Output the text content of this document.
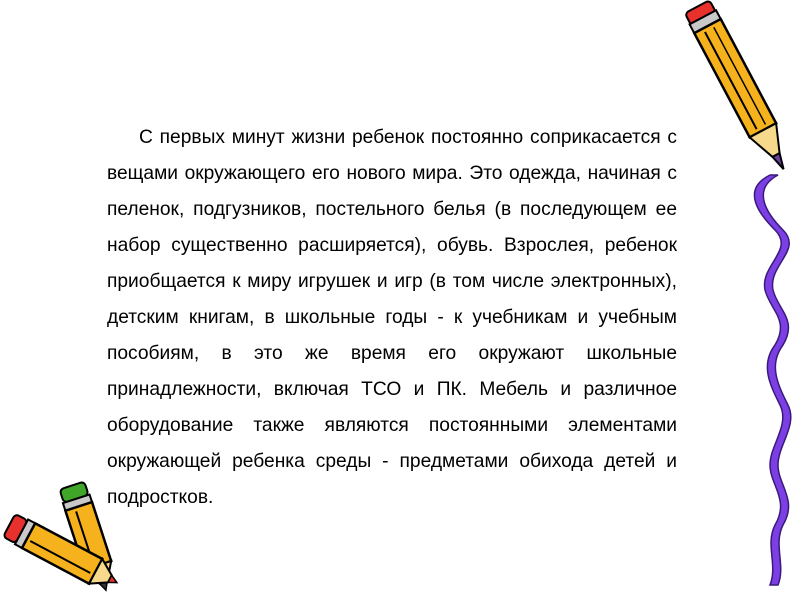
С первых минут жизни ребенок постоянно соприкасается с вещами окружающего его нового мира. Это одежда, начиная с пеленок, подгузников, постельного белья (в последующем ее набор существенно расширяется), обувь. Взрослея, ребенок приобщается к миру игрушек и игр (в том числе электронных), детским книгам, в школьные годы - к учебникам и учебным пособиям, в это же время его окружают школьные принадлежности, включая ТСО и ПК. Мебель и различное оборудование также являются постоянными элементами окружающей ребенка среды - предметами обихода детей и подростков.
